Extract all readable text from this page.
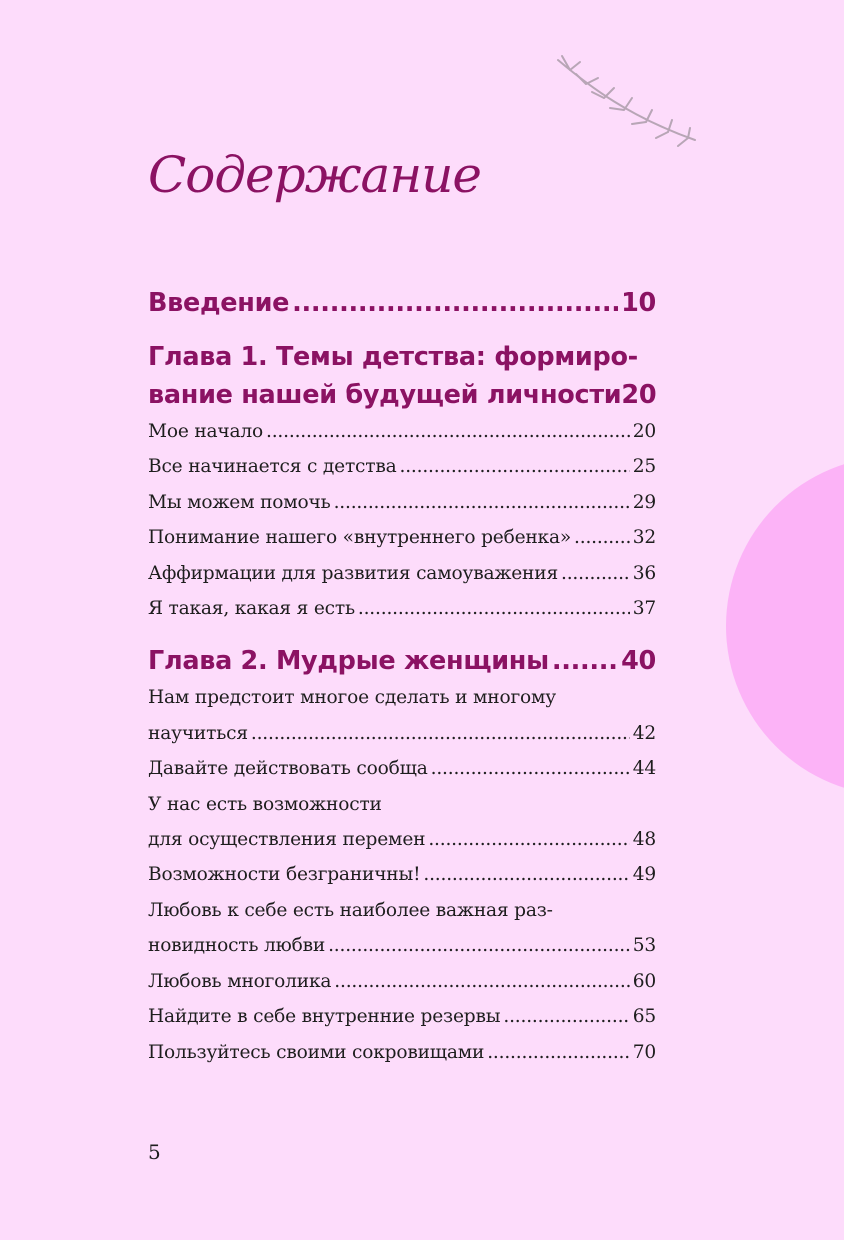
Содержание
Введение .....	10
Глава 1. Темы детства: формиро-
вание нашей будущей личности 20
Мое начало .....	20
Все начинается с детства .....	25
Мы можем помочь .....	29
Понимание нашего «внутреннего ребенка» .....	32
Аффирмации для развития самоуважения .....	36
Я такая, какая я есть .....	37
Глава 2. Мудрые женщины .....	40
Нам предстоит многое сделать и многому
научиться .....	42
Давайте действовать сообща .....	44
У нас есть возможности
для осуществления перемен .....	48
Возможности безграничны! .....	49
Любовь к себе есть наиболее важная раз-
новидность любви .....	53
Любовь многолика .....	60
Найдите в себе внутренние резервы .....	65
Пользуйтесь своими сокровищами .....	70
5
